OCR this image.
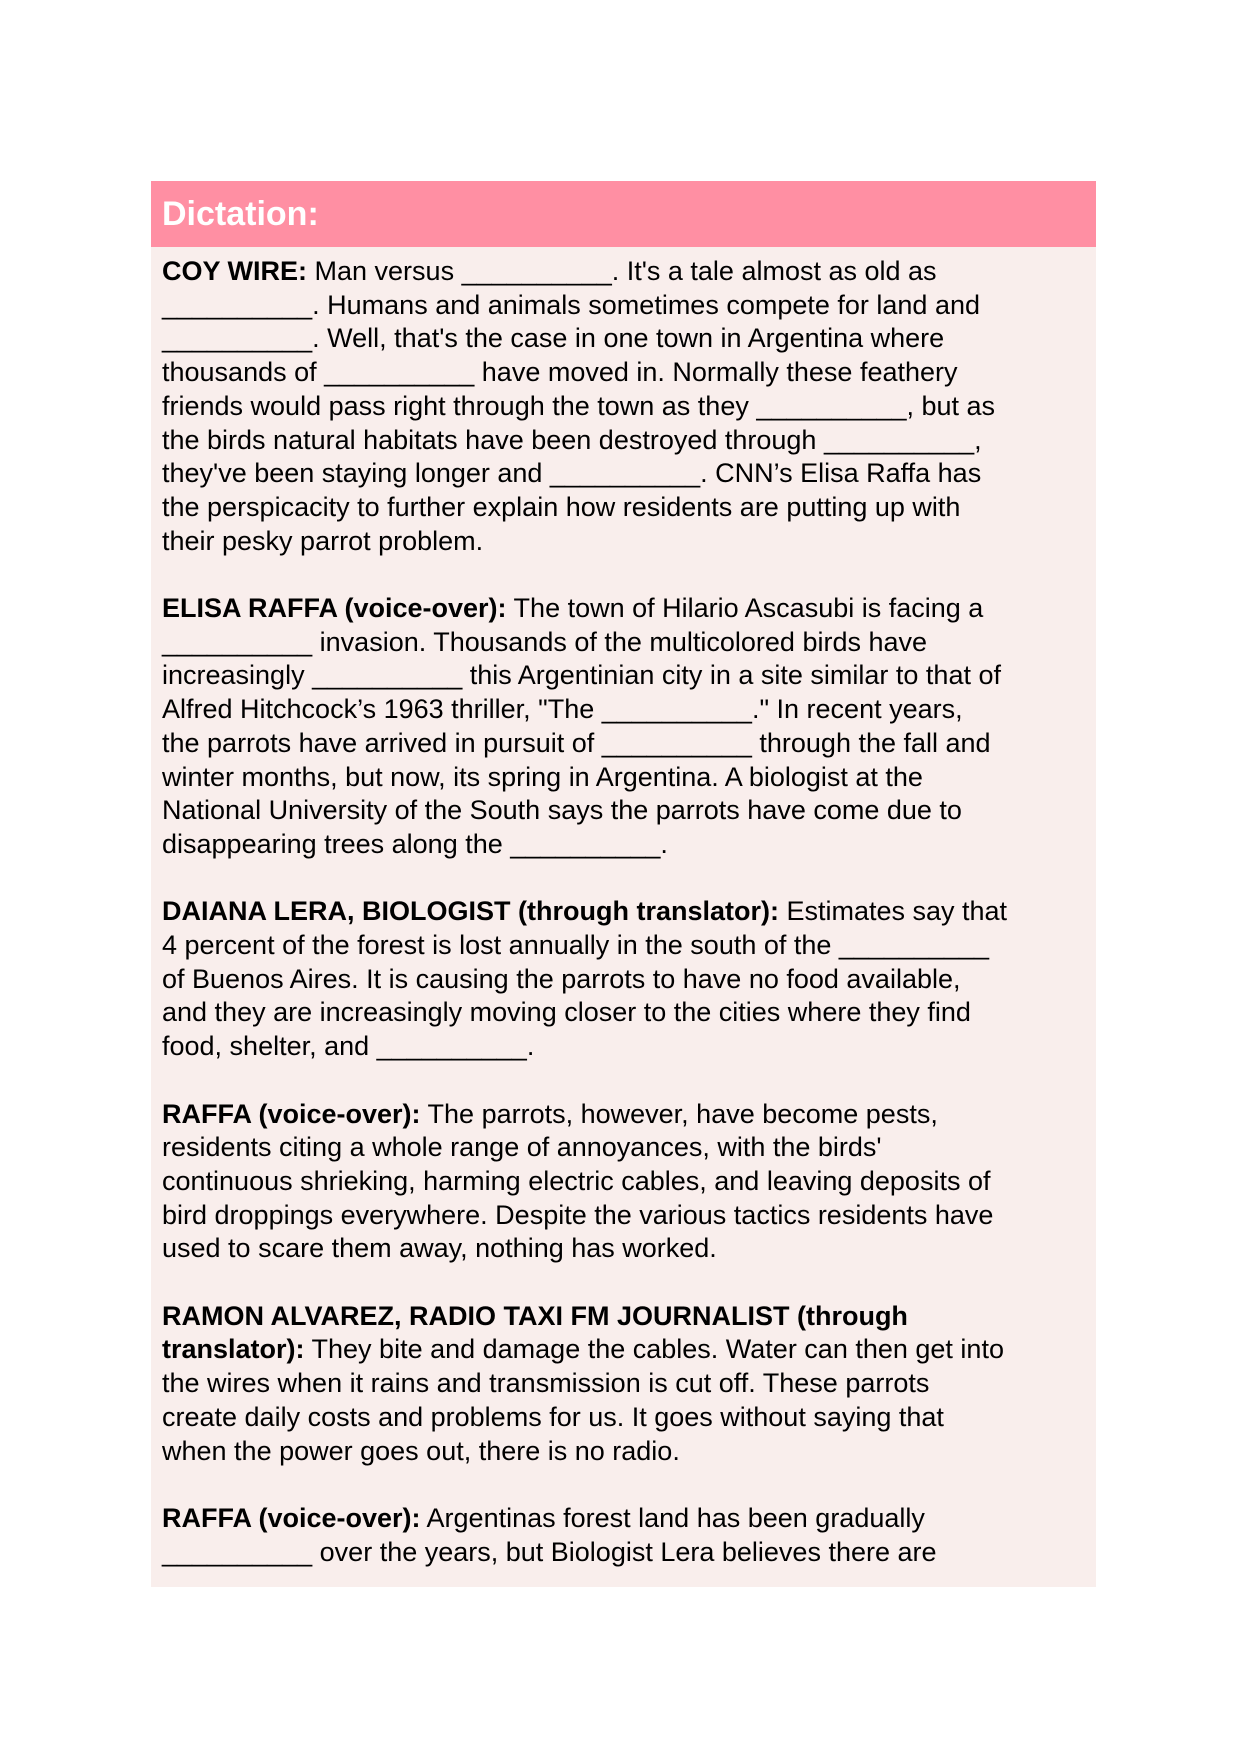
Dictation:

COY WIRE: Man versus __________. It's a tale almost as old as
__________. Humans and animals sometimes compete for land and
__________. Well, that's the case in one town in Argentina where
thousands of __________ have moved in. Normally these feathery
friends would pass right through the town as they __________, but as
the birds natural habitats have been destroyed through __________,
they've been staying longer and __________. CNN’s Elisa Raffa has
the perspicacity to further explain how residents are putting up with
their pesky parrot problem.

ELISA RAFFA (voice-over): The town of Hilario Ascasubi is facing a
__________ invasion. Thousands of the multicolored birds have
increasingly __________ this Argentinian city in a site similar to that of
Alfred Hitchcock’s 1963 thriller, "The __________." In recent years,
the parrots have arrived in pursuit of __________ through the fall and
winter months, but now, its spring in Argentina. A biologist at the
National University of the South says the parrots have come due to
disappearing trees along the __________.

DAIANA LERA, BIOLOGIST (through translator): Estimates say that
4 percent of the forest is lost annually in the south of the __________
of Buenos Aires. It is causing the parrots to have no food available,
and they are increasingly moving closer to the cities where they find
food, shelter, and __________.

RAFFA (voice-over): The parrots, however, have become pests,
residents citing a whole range of annoyances, with the birds'
continuous shrieking, harming electric cables, and leaving deposits of
bird droppings everywhere. Despite the various tactics residents have
used to scare them away, nothing has worked.

RAMON ALVAREZ, RADIO TAXI FM JOURNALIST (through
translator): They bite and damage the cables. Water can then get into
the wires when it rains and transmission is cut off. These parrots
create daily costs and problems for us. It goes without saying that
when the power goes out, there is no radio.

RAFFA (voice-over): Argentinas forest land has been gradually
__________ over the years, but Biologist Lera believes there are
